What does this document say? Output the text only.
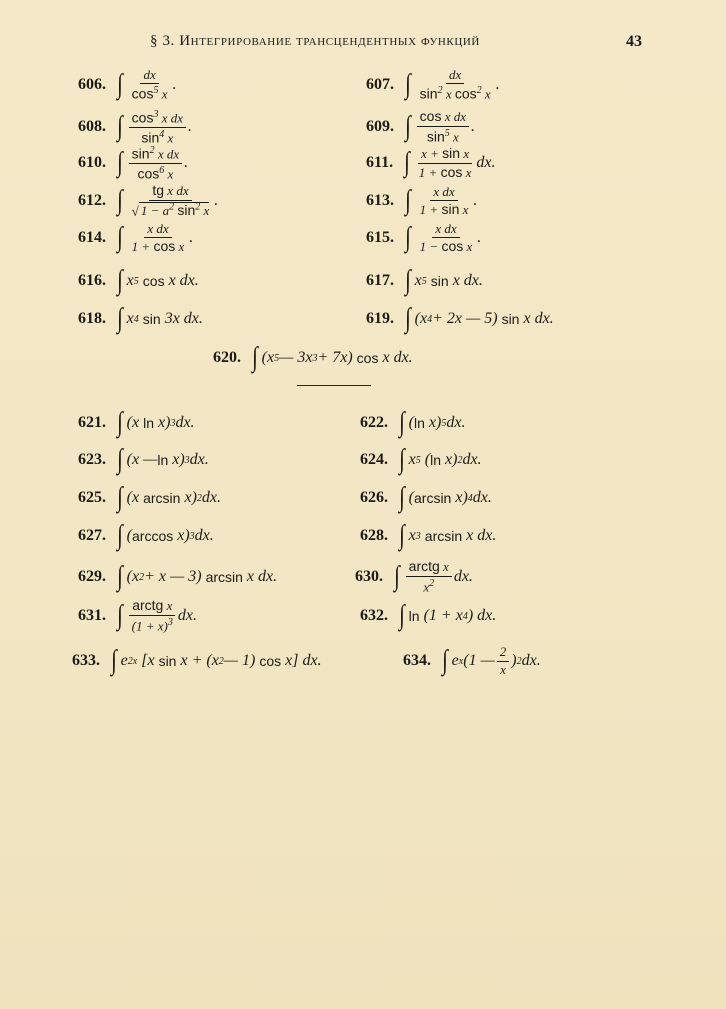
§ 3. Интегрирование трансцендентных функций	43
606. ∫ $\frac{dx}{\cos^5 x}$ .	607. ∫ $\frac{dx}{\sin^2 x \cos^2 x}$ .
608. ∫ $\frac{\cos^3 x dx}{\sin^4 x}$ .	609. ∫ $\frac{\text{cos x dx}}{\sin^5 x}$ .
610. ∫ $\frac{\sin^2 x dx}{\cos^6 x}$ .	611. ∫ $\frac{\text{x + sin x}}{\text{1 + cos x}}$ dx.
612. ∫ $\frac{\text{tg x dx}}{√ 1 - a^2 \sin^2 x}$ .	613. ∫ $\frac{\text{x dx}}{\text{1 + sin x}}$ .
614. ∫ $\frac{\text{x dx}}{\text{1 + cos x}}$ .	615. ∫ $\frac{\text{x dx}}{\text{1 − cos x}}$ .
616. ∫ x 5
cos x dx.	617. ∫ x 5
sin x dx.
618. ∫ x 4
sin 3x dx.	619. ∫ (x 4 + 2x — 5) sin x dx.
620. ∫ (x 5 — 3x 3 + 7x) cos x dx.
621. ∫ (x ln x) 3 dx.	622. ∫ ( ln x) 5 dx.
623. ∫ (x — ln x) 3 dx.	624. ∫ x 5 ( ln x) 2 dx.
625. ∫ (x arcsin x) 2 dx.	626. ∫ ( arcsin x) 4 dx.
627. ∫ ( arccos x) 3 dx.	628. ∫ x 3
arcsin x dx.
629. ∫ (x 2 + x — 3) arcsin x dx.	630. ∫ $\frac{\text{arctg x}}{x^2}$ dx.
631. ∫ $\frac{\text{arctg x}}{(1 + x)^3}$ dx.	632. ∫ ln (1 + x 4 ) dx.
633. ∫ e 2x [x sin x + (x 2 — 1) cos x] dx.	634. ∫ e x (1 — $\frac{2}{x}$ ) 2 dx.
